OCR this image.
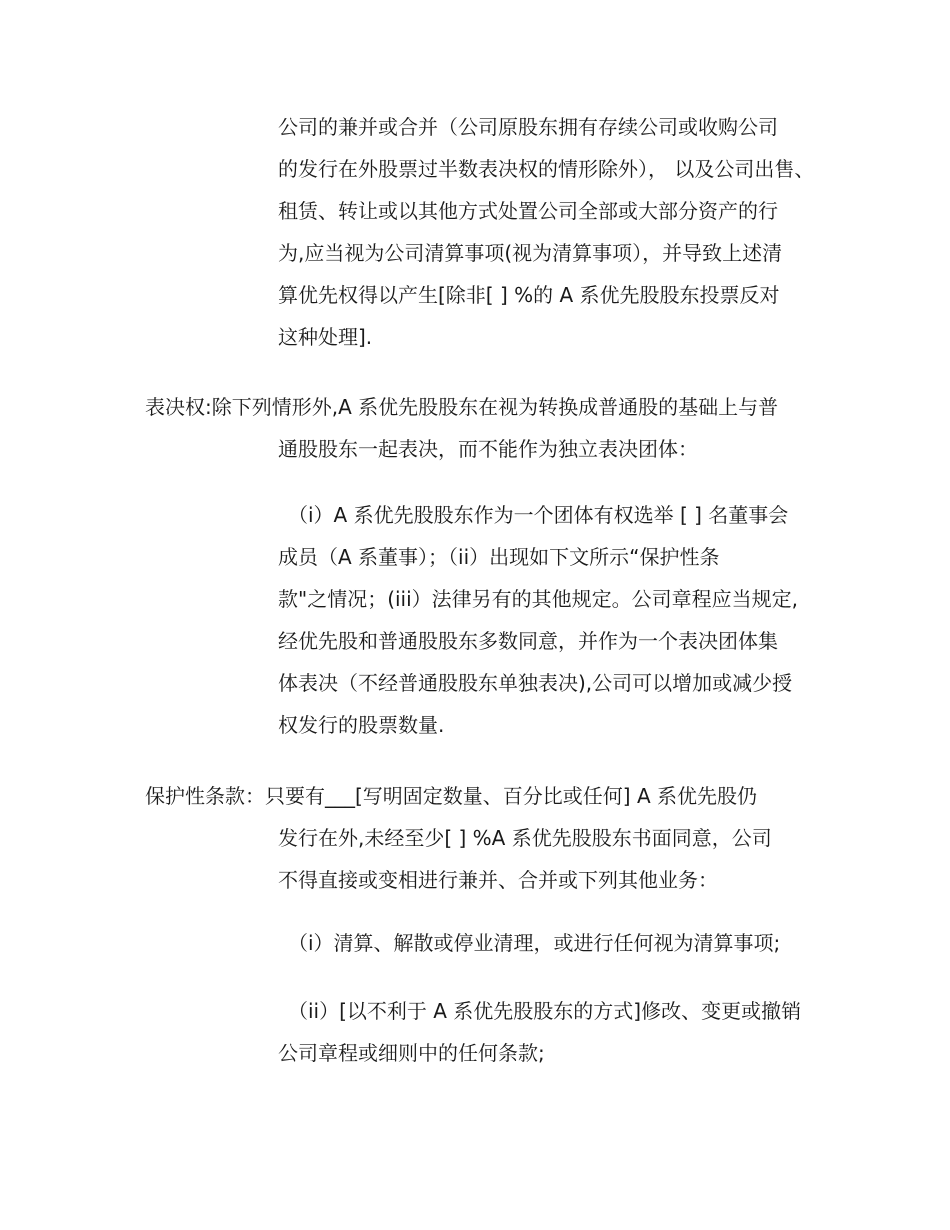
公司的兼并或合并（公司原股东拥有存续公司或收购公司
的发行在外股票过半数表决权的情形除外）， 以及公司出售、
租赁、转让或以其他方式处置公司全部或大部分资产的行
为,应当视为公司清算事项(视为清算事项），并导致上述清
算优先权得以产生[除非[ ] %的 A 系优先股股东投票反对
这种处理].
表决权:除下列情形外,A 系优先股股东在视为转换成普通股的基础上与普
通股股东一起表决，而不能作为独立表决团体：
（i）A 系优先股股东作为一个团体有权选举 [ ] 名董事会
成员（A 系董事）；（ii）出现如下文所示“保护性条
款"之情况；(iii）法律另有的其他规定。公司章程应当规定,
经优先股和普通股股东多数同意，并作为一个表决团体集
体表决（不经普通股股东单独表决),公司可以增加或减少授
权发行的股票数量.
保护性条款：只要有___[写明固定数量、百分比或任何] A 系优先股仍
发行在外,未经至少[ ] %A 系优先股股东书面同意，公司
不得直接或变相进行兼并、合并或下列其他业务：
（i）清算、解散或停业清理，或进行任何视为清算事项;
（ii）[以不利于 A 系优先股股东的方式]修改、变更或撤销
公司章程或细则中的任何条款;
